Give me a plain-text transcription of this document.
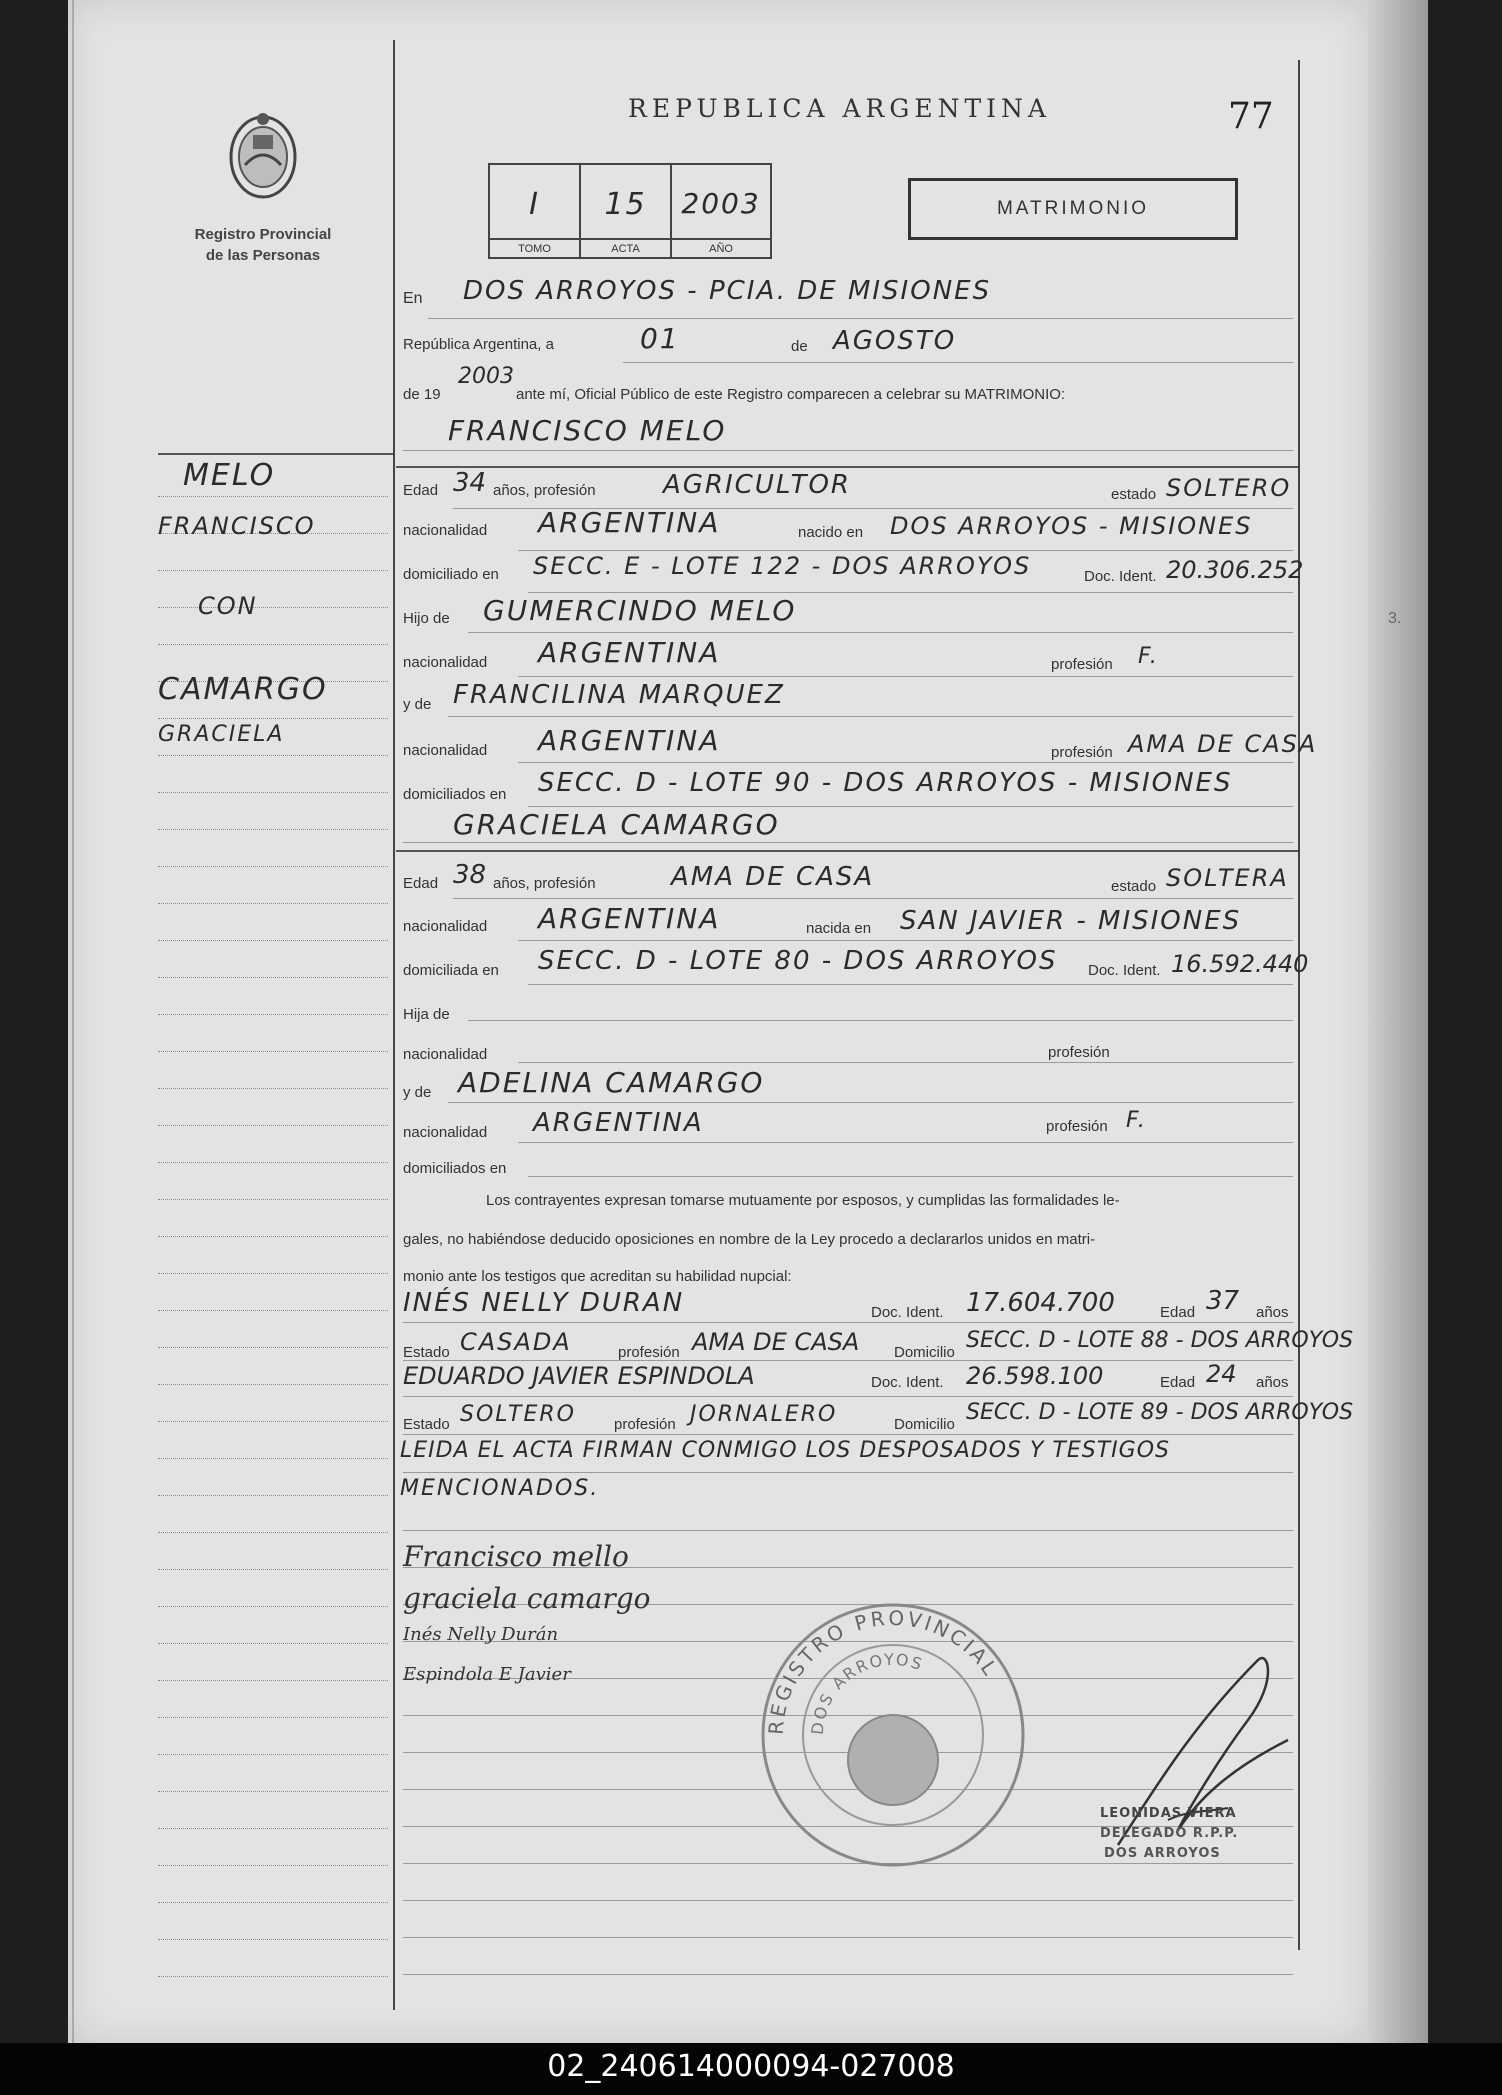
Registro Provincial
de las Personas
REPUBLICA ARGENTINA	77
I
TOMO
15
ACTA
2003
AÑO
MATRIMONIO
MELO
FRANCISCO
CON
CAMARGO
GRACIELA
En DOS ARROYOS - PCIA. DE MISIONES
República Argentina, a	01	de AGOSTO
de 19
2003
ante mí, Oficial Público de este Registro comparecen a celebrar su MATRIMONIO:
FRANCISCO MELO
Edad 34 años, profesión	AGRICULTOR	estado SOLTERO
nacionalidad ARGENTINA	nacido en DOS ARROYOS - MISIONES
domiciliado en SECC. E - LOTE 122 - DOS ARROYOS	Doc. Ident. 20.306.252
Hijo de GUMERCINDO MELO
nacionalidad ARGENTINA	profesión F.
y de FRANCILINA MARQUEZ
nacionalidad ARGENTINA	profesión AMA DE CASA
domiciliados en SECC. D - LOTE 90 - DOS ARROYOS - MISIONES
GRACIELA CAMARGO
Edad 38 años, profesión	AMA DE CASA	estado SOLTERA
nacionalidad ARGENTINA	nacida en SAN JAVIER - MISIONES
domiciliada en SECC. D - LOTE 80 - DOS ARROYOS Doc. Ident. 16.592.440
Hija de
nacionalidad	profesión
y de ADELINA CAMARGO
nacionalidad ARGENTINA	profesión F.
domiciliados en
Los contrayentes expresan tomarse mutuamente por esposos, y cumplidas las formalidades le-
gales, no habiéndose deducido oposiciones en nombre de la Ley procedo a declararlos unidos en matri-
monio ante los testigos que acreditan su habilidad nupcial:
INÉS NELLY DURAN	Doc. Ident. 17.604.700	Edad 37 años
Estado CASADA	profesión AMA DE CASA Domicilio SECC. D - LOTE 88 - DOS ARROYOS
EDUARDO JAVIER ESPINDOLA	Doc. Ident. 26.598.100	Edad 24 años
Estado SOLTERO	profesión JORNALERO	Domicilio SECC. D - LOTE 89 - DOS ARROYOS
LEIDA EL ACTA FIRMAN CONMIGO LOS DESPOSADOS Y TESTIGOS
MENCIONADOS.
Francisco mello
graciela camargo
Inés Nelly Durán
Espindola E Javier
REGISTRO PROVINCIAL
DOS ARROYOS
LEONIDAS VIERA
DELEGADO R.P.P.
DOS ARROYOS
3.
02_240614000094-027008
